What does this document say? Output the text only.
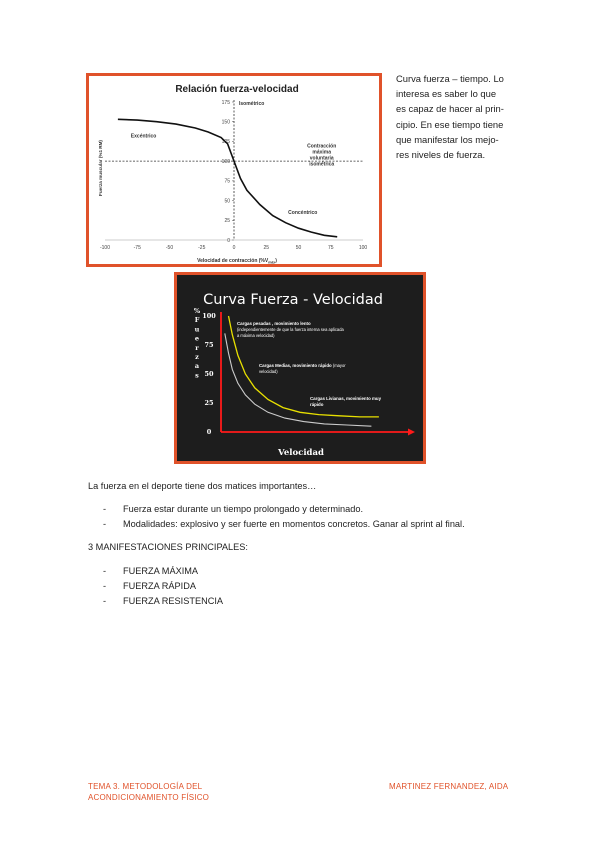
Relación fuerza-velocidad
Fuerza muscular (%1 RM)
Velocidad de contracción $(\%V_{máx})$
-100	-75	-50	-25	0	25	50	75	100
0
25
50
75
100
125
150
175 Isométrico
Excéntrico
Concéntrico
Contracción
máxima
voluntaria
isométrica
Curva fuerza – tiempo. Lo
interesa es saber lo que
es capaz de hacer al prin-
cipio. En ese tiempo tiene
que manifestar los mejo-
res niveles de fuerza.
Curva Fuerza - Velocidad
%
F
u
e
r
z
a
s
Velocidad
0
25
50
75
100
Cargas pesadas , movimiento lento
(independientemente de que la fuerza interna sea aplicada
a máxima velocidad)
Cargas Medias, movimiento rápido (mayor
velocidad)
Cargas Livianas, movimiento muy
rápido
La fuerza en el deporte tiene dos matices importantes…
- Fuerza estar durante un tiempo prolongado y determinado.
- Modalidades: explosivo y ser fuerte en momentos concretos. Ganar al sprint al final.
3 MANIFESTACIONES PRINCIPALES:
- FUERZA MÁXIMA
- FUERZA RÁPIDA
- FUERZA RESISTENCIA
TEMA 3. METODOLOGÍA DEL
ACONDICIONAMIENTO FÍSICO
MARTINEZ FERNANDEZ, AIDA
